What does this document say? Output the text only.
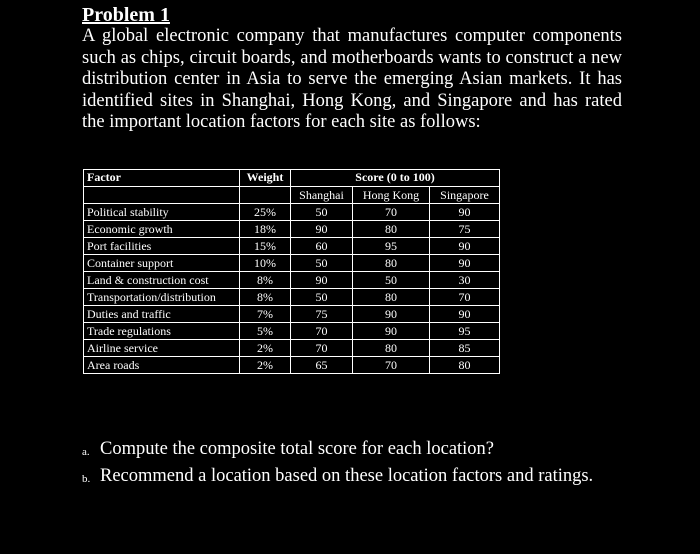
Problem 1
A global electronic company that manufactures computer components such as chips, circuit boards, and motherboards wants to construct a new distribution center in Asia to serve the emerging Asian markets. It has identified sites in Shanghai, Hong Kong, and Singapore and has rated the important location factors for each site as follows:
Factor	Weight	Score (0 to 100)		
		Shanghai	Hong Kong	Singapore
Political stability	25%	50	70	90
Economic growth	18%	90	80	75
Port facilities	15%	60	95	90
Container support	10%	50	80	90
Land & construction cost	8%	90	50	30
Transportation/distribution	8%	50	80	70
Duties and traffic	7%	75	90	90
Trade regulations	5%	70	90	95
Airline service	2%	70	80	85
Area roads	2%	65	70	80
a. Compute the composite total score for each location?
b. Recommend a location based on these location factors and ratings.
